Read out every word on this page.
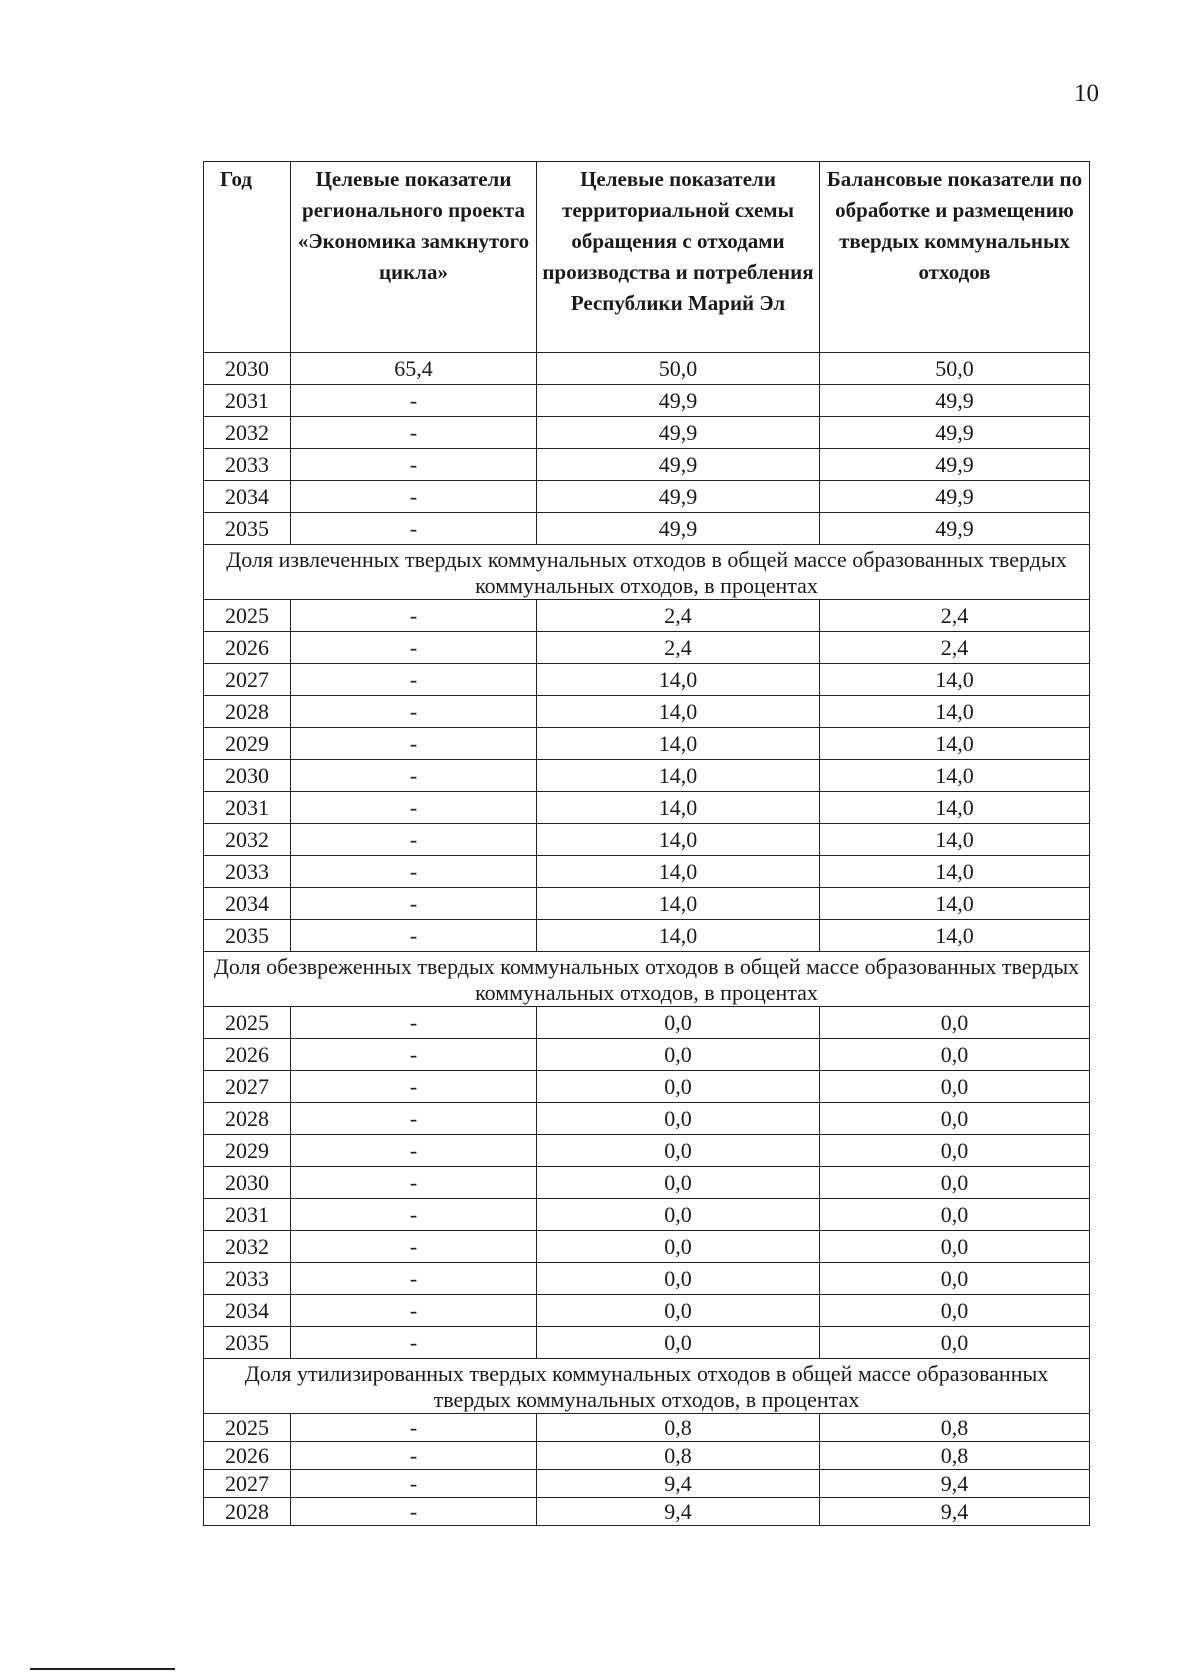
10
Год	Целевые показатели регионального проекта «Экономика замкнутого цикла»	Целевые показатели территориальной схемы обращения с отходами производства и потребления Республики Марий Эл	Балансовые показатели по обработке и размещению твердых коммунальных отходов
2030	65,4	50,0	50,0
2031	-	49,9	49,9
2032	-	49,9	49,9
2033	-	49,9	49,9
2034	-	49,9	49,9
2035	-	49,9	49,9
Доля извлеченных твердых коммунальных отходов в общей массе образованных твердых коммунальных отходов, в процентах			
2025	-	2,4	2,4
2026	-	2,4	2,4
2027	-	14,0	14,0
2028	-	14,0	14,0
2029	-	14,0	14,0
2030	-	14,0	14,0
2031	-	14,0	14,0
2032	-	14,0	14,0
2033	-	14,0	14,0
2034	-	14,0	14,0
2035	-	14,0	14,0
Доля обезвреженных твердых коммунальных отходов в общей массе образованных твердых коммунальных отходов, в процентах			
2025	-	0,0	0,0
2026	-	0,0	0,0
2027	-	0,0	0,0
2028	-	0,0	0,0
2029	-	0,0	0,0
2030	-	0,0	0,0
2031	-	0,0	0,0
2032	-	0,0	0,0
2033	-	0,0	0,0
2034	-	0,0	0,0
2035	-	0,0	0,0
Доля утилизированных твердых коммунальных отходов в общей массе образованных твердых коммунальных отходов, в процентах			
2025	-	0,8	0,8
2026	-	0,8	0,8
2027	-	9,4	9,4
2028	-	9,4	9,4
